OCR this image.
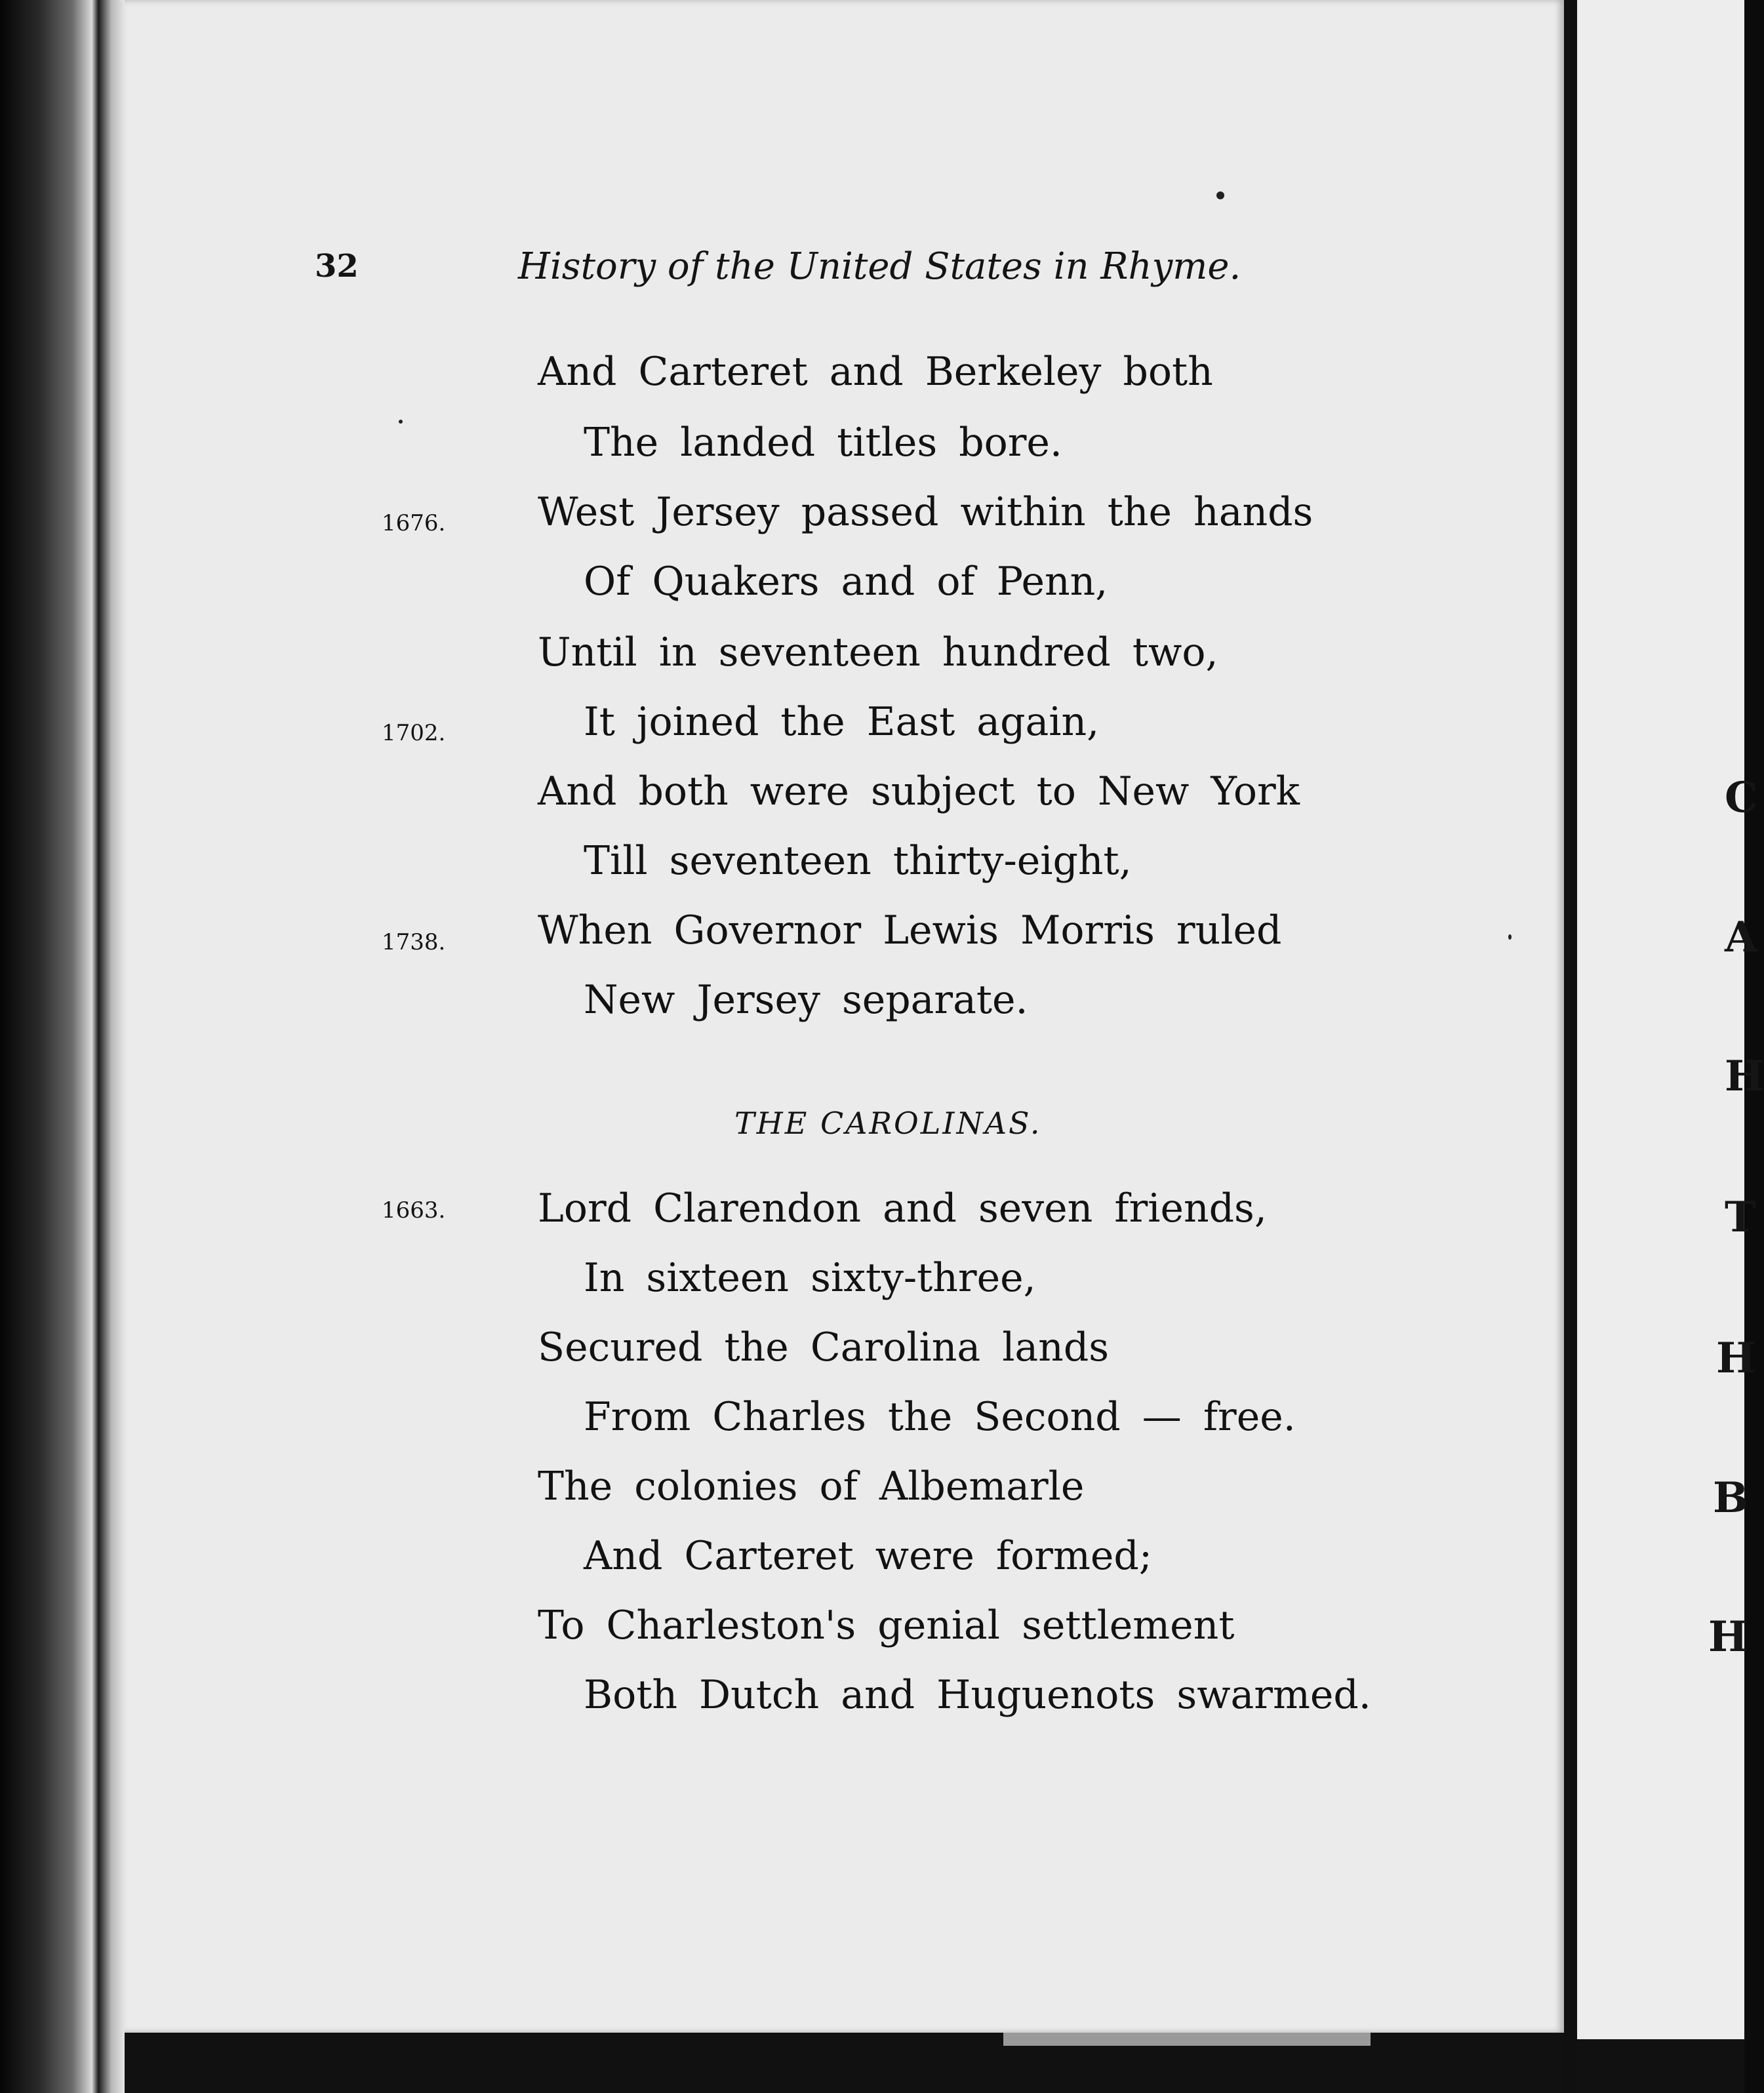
C
A
H
T
H
B
H
32	History of the United States in Rhyme.
1676.
1702.
1738.
1663.
And Carteret and Berkeley both
The landed titles bore.
West Jersey passed within the hands
Of Quakers and of Penn,
Until in seventeen hundred two,
It joined the East again,
And both were subject to New York
Till seventeen thirty-eight,
When Governor Lewis Morris ruled
New Jersey separate.
THE CAROLINAS.
Lord Clarendon and seven friends,
In sixteen sixty-three,
Secured the Carolina lands
From Charles the Second — free.
The colonies of Albemarle
And Carteret were formed;
To Charleston's genial settlement
Both Dutch and Huguenots swarmed.
